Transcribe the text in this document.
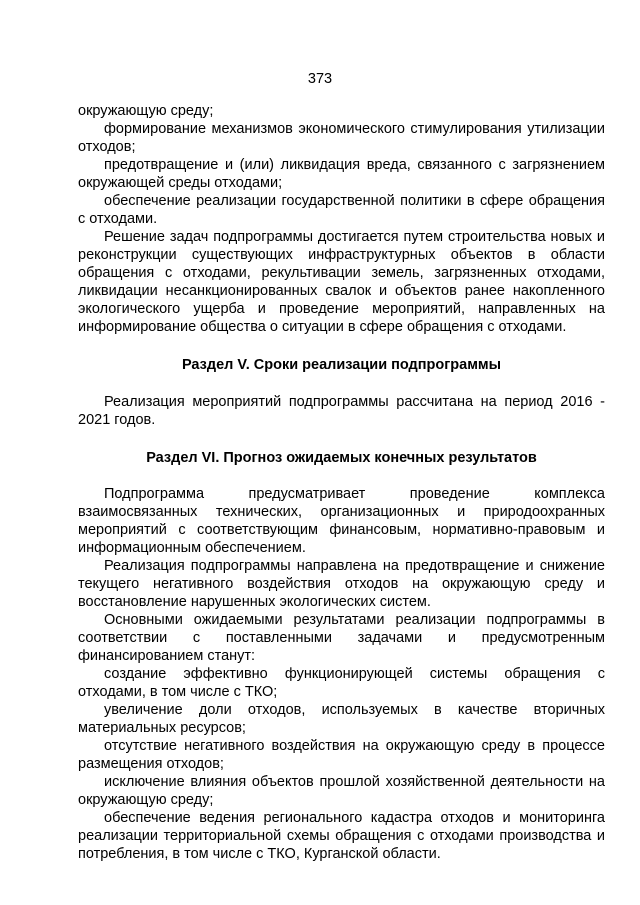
373

окружающую среду;

формирование механизмов экономического стимулирования утилизации отходов;

предотвращение и (или) ликвидация вреда, связанного с загрязнением окружающей среды отходами;

обеспечение реализации государственной политики в сфере обращения с отходами.

Решение задач подпрограммы достигается путем строительства новых и реконструкции существующих инфраструктурных объектов в области обращения с отходами, рекультивации земель, загрязненных отходами, ликвидации несанкционированных свалок и объектов ранее накопленного экологического ущерба и проведение мероприятий, направленных на информирование общества о ситуации в сфере обращения с отходами.

Раздел V. Сроки реализации подпрограммы

Реализация мероприятий подпрограммы рассчитана на период 2016 - 2021 годов.

Раздел VI. Прогноз ожидаемых конечных результатов

Подпрограмма предусматривает проведение комплекса взаимосвязанных технических, организационных и природоохранных мероприятий с соответствующим финансовым, нормативно-правовым и информационным обеспечением.

Реализация подпрограммы направлена на предотвращение и снижение текущего негативного воздействия отходов на окружающую среду и восстановление нарушенных экологических систем.

Основными ожидаемыми результатами реализации подпрограммы в соответствии с поставленными задачами и предусмотренным финансированием станут:

создание эффективно функционирующей системы обращения с отходами, в том числе с ТКО;

увеличение доли отходов, используемых в качестве вторичных материальных ресурсов;

отсутствие негативного воздействия на окружающую среду в процессе размещения отходов;

исключение влияния объектов прошлой хозяйственной деятельности на окружающую среду;

обеспечение ведения регионального кадастра отходов и мониторинга реализации территориальной схемы обращения с отходами производства и потребления, в том числе с ТКО, Курганской области.
